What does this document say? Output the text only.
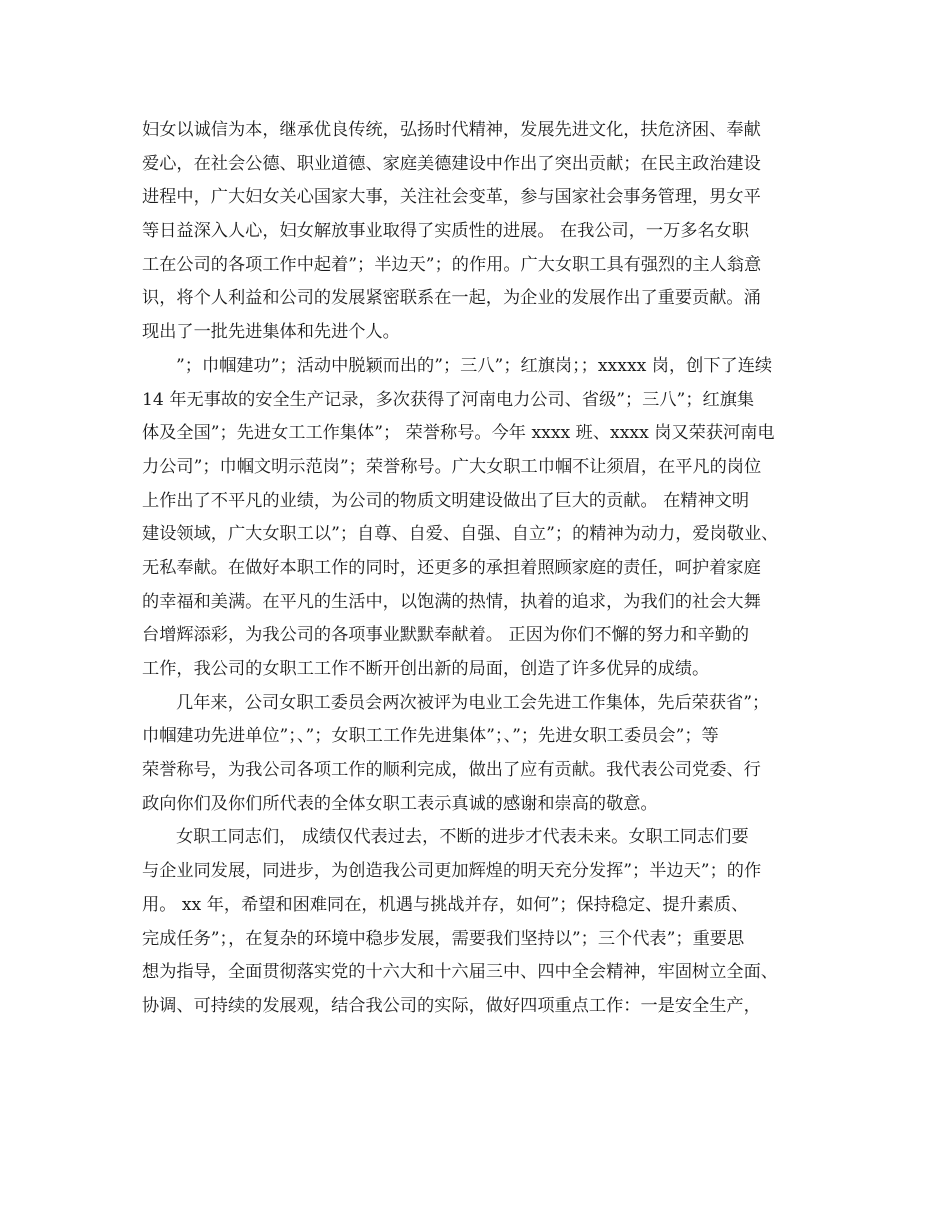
妇女以诚信为本，继承优良传统，弘扬时代精神，发展先进文化，扶危济困、奉献
爱心，在社会公德、职业道德、家庭美德建设中作出了突出贡献；在民主政治建设
进程中，广大妇女关心国家大事，关注社会变革，参与国家社会事务管理，男女平
等日益深入人心，妇女解放事业取得了实质性的进展。 在我公司，一万多名女职
工在公司的各项工作中起着”；半边天”；的作用。广大女职工具有强烈的主人翁意
识，将个人利益和公司的发展紧密联系在一起，为企业的发展作出了重要贡献。涌
现出了一批先进集体和先进个人。
”；巾帼建功”；活动中脱颖而出的”；三八”；红旗岗；；xxxxx 岗，创下了连续
14 年无事故的安全生产记录，多次获得了河南电力公司、省级”；三八”；红旗集
体及全国”；先进女工工作集体”； 荣誉称号。今年 xxxx 班、xxxx 岗又荣获河南电
力公司”；巾帼文明示范岗”；荣誉称号。广大女职工巾帼不让须眉，在平凡的岗位
上作出了不平凡的业绩，为公司的物质文明建设做出了巨大的贡献。 在精神文明
建设领域，广大女职工以”；自尊、自爱、自强、自立”；的精神为动力，爱岗敬业、
无私奉献。在做好本职工作的同时，还更多的承担着照顾家庭的责任，呵护着家庭
的幸福和美满。在平凡的生活中，以饱满的热情，执着的追求，为我们的社会大舞
台增辉添彩，为我公司的各项事业默默奉献着。 正因为你们不懈的努力和辛勤的
工作，我公司的女职工工作不断开创出新的局面，创造了许多优异的成绩。
几年来，公司女职工委员会两次被评为电业工会先进工作集体，先后荣获省”；
巾帼建功先进单位”；、”；女职工工作先进集体”；、”；先进女职工委员会”；等
荣誉称号，为我公司各项工作的顺利完成，做出了应有贡献。我代表公司党委、行
政向你们及你们所代表的全体女职工表示真诚的感谢和崇高的敬意。
女职工同志们， 成绩仅代表过去，不断的进步才代表未来。女职工同志们要
与企业同发展，同进步，为创造我公司更加辉煌的明天充分发挥”；半边天”；的作
用。 xx 年，希望和困难同在，机遇与挑战并存，如何”；保持稳定、提升素质、
完成任务”；，在复杂的环境中稳步发展，需要我们坚持以”；三个代表”；重要思
想为指导，全面贯彻落实党的十六大和十六届三中、四中全会精神，牢固树立全面、
协调、可持续的发展观，结合我公司的实际，做好四项重点工作：一是安全生产，
